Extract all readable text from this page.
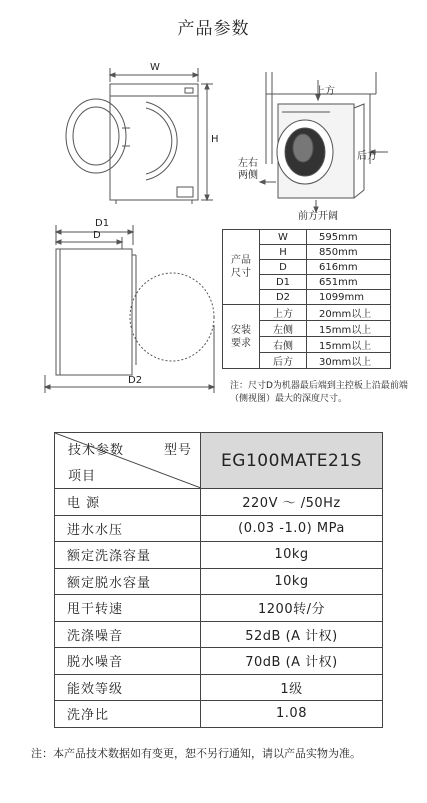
产品参数
W
H
上方
左右
两侧
后方
前方开阔
D1
D
D2
产品
尺寸	W	595mm
	H	850mm
	D	616mm
	D1	651mm
	D2	1099mm
安装
要求	上方	20mm以上
	左侧	15mm以上
	右侧	15mm以上
	后方	30mm以上
注：尺寸D为机器最后端到主控板上沿最前端（侧视图）最大的深度尺寸。
技术参数 型号
项目	EG100MATE21S
电 源	220V ～ /50Hz
进水水压	(0.03 -1.0) MPa
额定洗涤容量	10kg
额定脱水容量	10kg
甩干转速	1200转/分
洗涤噪音	52dB (A 计权)
脱水噪音	70dB (A 计权)
能效等级	1级
洗净比	1.08
注：本产品技术数据如有变更，恕不另行通知，请以产品实物为准。
